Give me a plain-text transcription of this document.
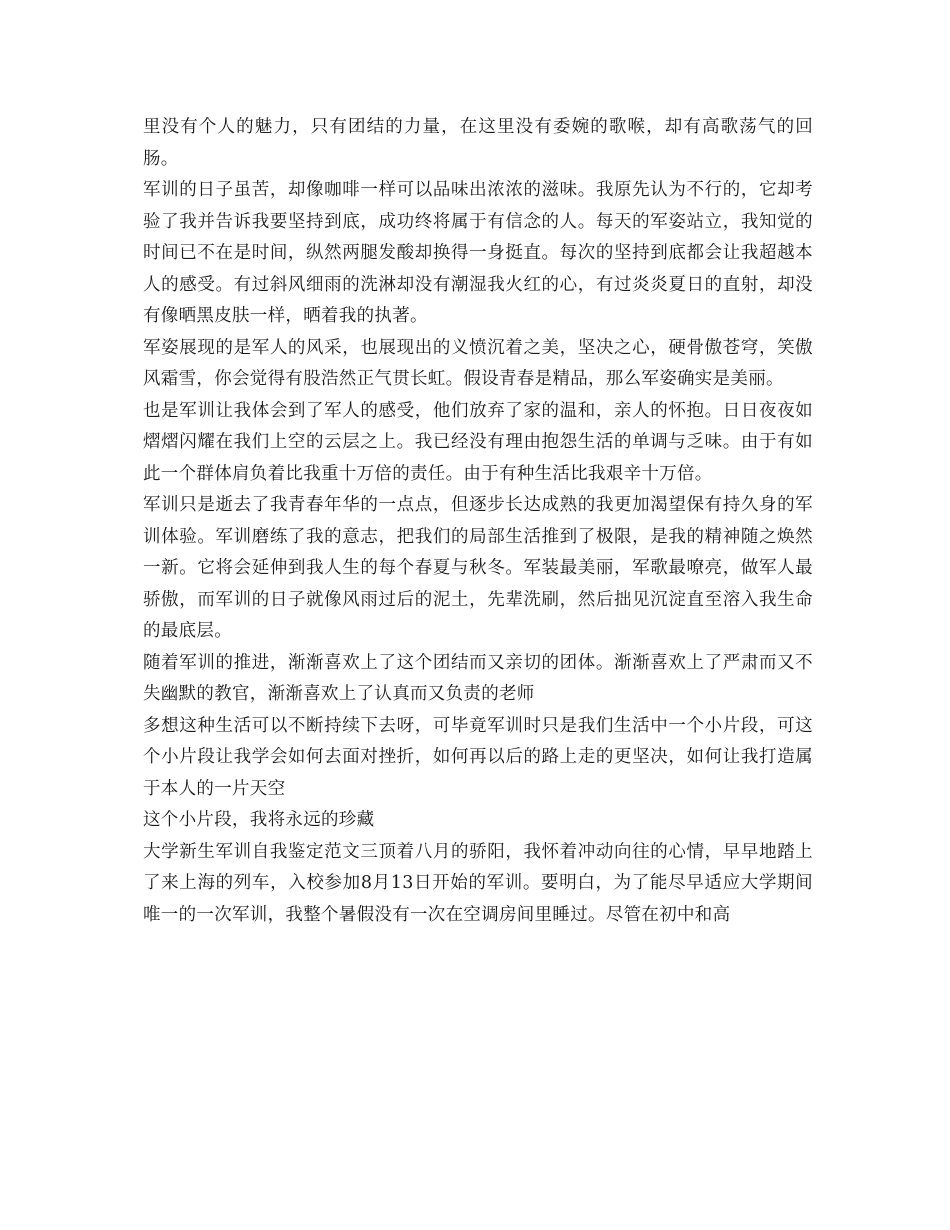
里没有个人的魅力，只有团结的力量，在这里没有委婉的歌喉，却有高歌荡气的回肠。

军训的日子虽苦，却像咖啡一样可以品味出浓浓的滋味。我原先认为不行的，它却考验了我并告诉我要坚持到底，成功终将属于有信念的人。每天的军姿站立，我知觉的时间已不在是时间，纵然两腿发酸却换得一身挺直。每次的坚持到底都会让我超越本人的感受。有过斜风细雨的洗淋却没有潮湿我火红的心，有过炎炎夏日的直射，却没有像晒黑皮肤一样，晒着我的执著。

军姿展现的是军人的风采，也展现出的义愤沉着之美，坚决之心，硬骨傲苍穹，笑傲风霜雪，你会觉得有股浩然正气贯长虹。假设青春是精品，那么军姿确实是美丽。

也是军训让我体会到了军人的感受，他们放弃了家的温和，亲人的怀抱。日日夜夜如熠熠闪耀在我们上空的云层之上。我已经没有理由抱怨生活的单调与乏味。由于有如此一个群体肩负着比我重十万倍的责任。由于有种生活比我艰辛十万倍。

军训只是逝去了我青春年华的一点点，但逐步长达成熟的我更加渴望保有持久身的军训体验。军训磨练了我的意志，把我们的局部生活推到了极限，是我的精神随之焕然一新。它将会延伸到我人生的每个春夏与秋冬。军装最美丽，军歌最嘹亮，做军人最骄傲，而军训的日子就像风雨过后的泥土，先辈洗刷，然后拙见沉淀直至溶入我生命的最底层。

随着军训的推进，渐渐喜欢上了这个团结而又亲切的团体。渐渐喜欢上了严肃而又不失幽默的教官，渐渐喜欢上了认真而又负责的老师

多想这种生活可以不断持续下去呀，可毕竟军训时只是我们生活中一个小片段，可这个小片段让我学会如何去面对挫折，如何再以后的路上走的更坚决，如何让我打造属于本人的一片天空

这个小片段，我将永远的珍藏

大学新生军训自我鉴定范文三顶着八月的骄阳，我怀着冲动向往的心情，早早地踏上了来上海的列车，入校参加8月13日开始的军训。要明白，为了能尽早适应大学期间唯一的一次军训，我整个暑假没有一次在空调房间里睡过。尽管在初中和高
